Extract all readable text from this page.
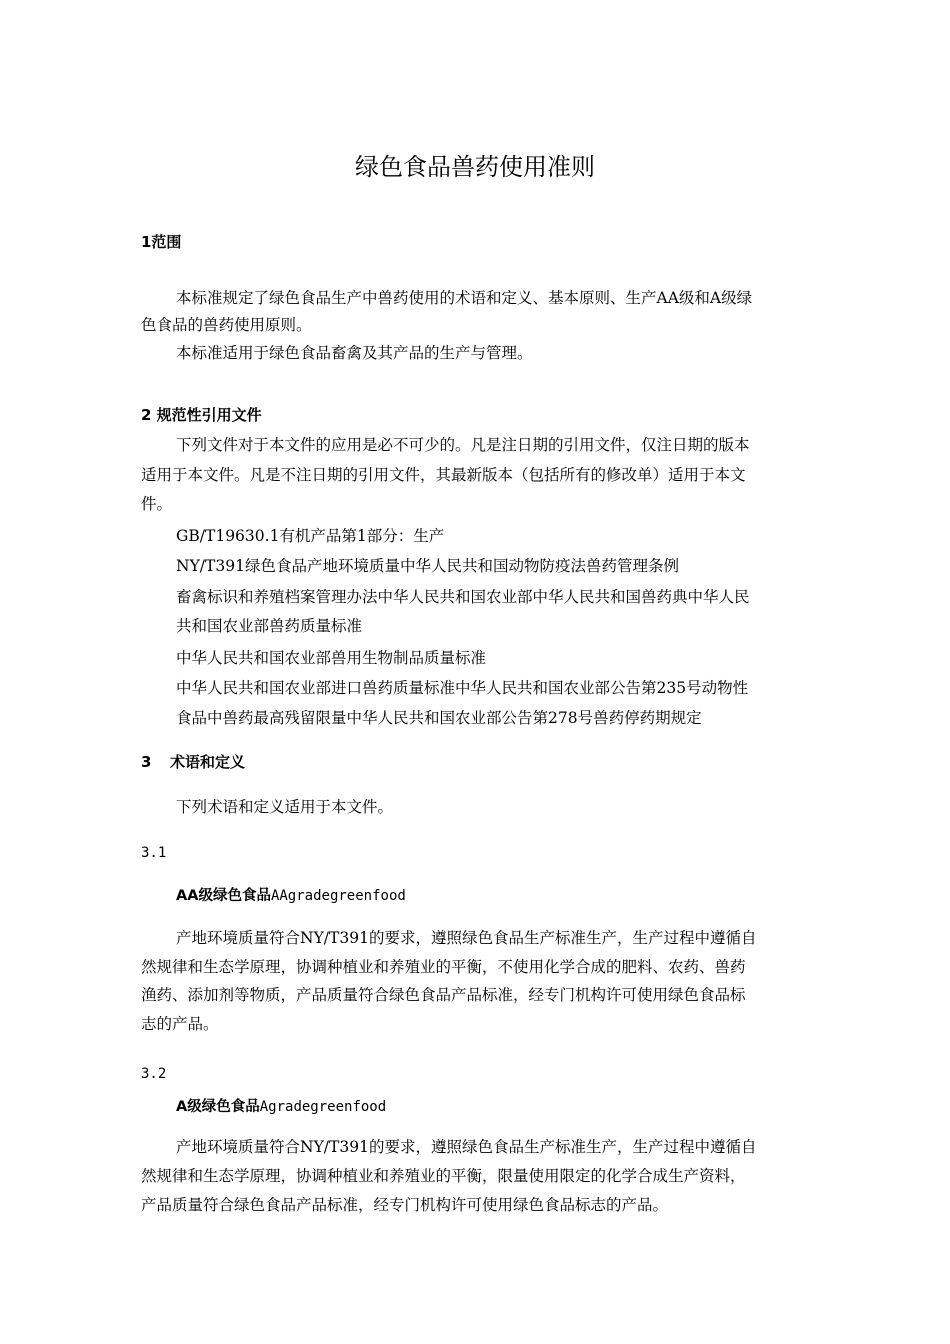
绿色食品兽药使用准则
1范围
本标准规定了绿色食品生产中兽药使用的术语和定义、基本原则、生产AA级和A级绿
色食品的兽药使用原则。
本标准适用于绿色食品畜禽及其产品的生产与管理。
2 规范性引用文件
下列文件对于本文件的应用是必不可少的。凡是注日期的引用文件，仅注日期的版本
适用于本文件。凡是不注日期的引用文件，其最新版本（包括所有的修改单）适用于本文
件。
GB/T19630.1有机产品第1部分：生产
NY/T391绿色食品产地环境质量中华人民共和国动物防疫法兽药管理条例
畜禽标识和养殖档案管理办法中华人民共和国农业部中华人民共和国兽药典中华人民
共和国农业部兽药质量标准
中华人民共和国农业部兽用生物制品质量标准
中华人民共和国农业部进口兽药质量标准中华人民共和国农业部公告第235号动物性
食品中兽药最高残留限量中华人民共和国农业部公告第278号兽药停药期规定
3 术语和定义
下列术语和定义适用于本文件。
3.1
AA级绿色食品AAgradegreenfood
产地环境质量符合NY/T391的要求，遵照绿色食品生产标准生产，生产过程中遵循自
然规律和生态学原理，协调种植业和养殖业的平衡，不使用化学合成的肥料、农药、兽药
渔药、添加剂等物质，产品质量符合绿色食品产品标准，经专门机构许可使用绿色食品标
志的产品。
3.2
A级绿色食品Agradegreenfood
产地环境质量符合NY/T391的要求，遵照绿色食品生产标准生产，生产过程中遵循自
然规律和生态学原理，协调种植业和养殖业的平衡，限量使用限定的化学合成生产资料，
产品质量符合绿色食品产品标准，经专门机构许可使用绿色食品标志的产品。
